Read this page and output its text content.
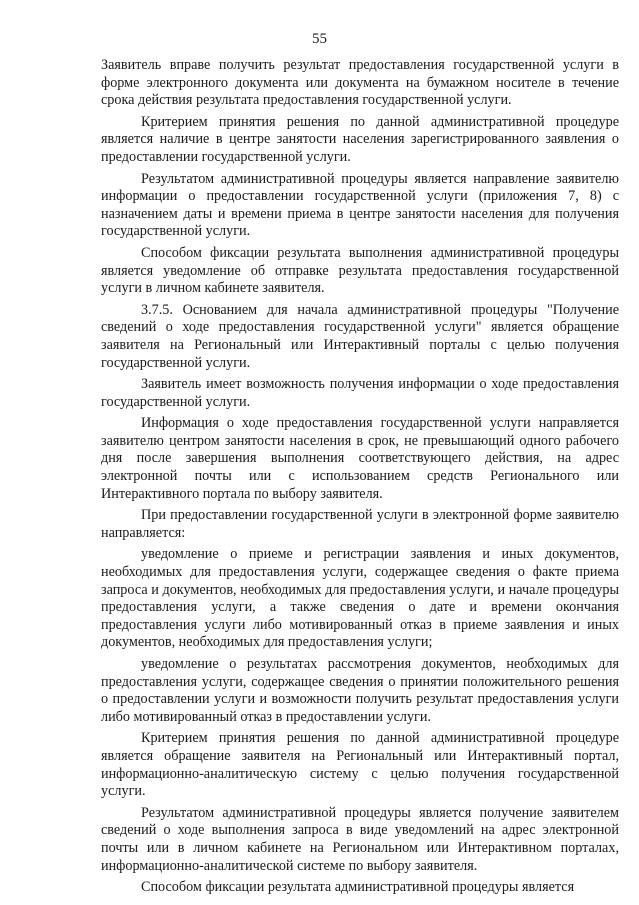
55

Заявитель вправе получить результат предоставления государственной услуги в форме электронного документа или документа на бумажном носителе в течение срока действия результата предоставления государственной услуги.

Критерием принятия решения по данной административной процедуре является наличие в центре занятости населения зарегистрированного заявления о предоставлении государственной услуги.

Результатом административной процедуры является направление заявителю информации о предоставлении государственной услуги (приложения 7, 8) с назначением даты и времени приема в центре занятости населения для получения государственной услуги.

Способом фиксации результата выполнения административной процедуры является уведомление об отправке результата предоставления государственной услуги в личном кабинете заявителя.

3.7.5. Основанием для начала административной процедуры "Получение сведений о ходе предоставления государственной услуги" является обращение заявителя на Региональный или Интерактивный порталы с целью получения государственной услуги.

Заявитель имеет возможность получения информации о ходе предоставления государственной услуги.

Информация о ходе предоставления государственной услуги направляется заявителю центром занятости населения в срок, не превышающий одного рабочего дня после завершения выполнения соответствующего действия, на адрес электронной почты или с использованием средств Регионального или Интерактивного портала по выбору заявителя.

При предоставлении государственной услуги в электронной форме заявителю направляется:

уведомление о приеме и регистрации заявления и иных документов, необходимых для предоставления услуги, содержащее сведения о факте приема запроса и документов, необходимых для предоставления услуги, и начале процедуры предоставления услуги, а также сведения о дате и времени окончания предоставления услуги либо мотивированный отказ в приеме заявления и иных документов, необходимых для предоставления услуги;

уведомление о результатах рассмотрения документов, необходимых для предоставления услуги, содержащее сведения о принятии положительного решения о предоставлении услуги и возможности получить результат предоставления услуги либо мотивированный отказ в предоставлении услуги.

Критерием принятия решения по данной административной процедуре является обращение заявителя на Региональный или Интерактивный портал, информационно-аналитическую систему с целью получения государственной услуги.

Результатом административной процедуры является получение заявителем сведений о ходе выполнения запроса в виде уведомлений на адрес электронной почты или в личном кабинете на Региональном или Интерактивном порталах, информационно-аналитической системе по выбору заявителя.

Способом фиксации результата административной процедуры является
